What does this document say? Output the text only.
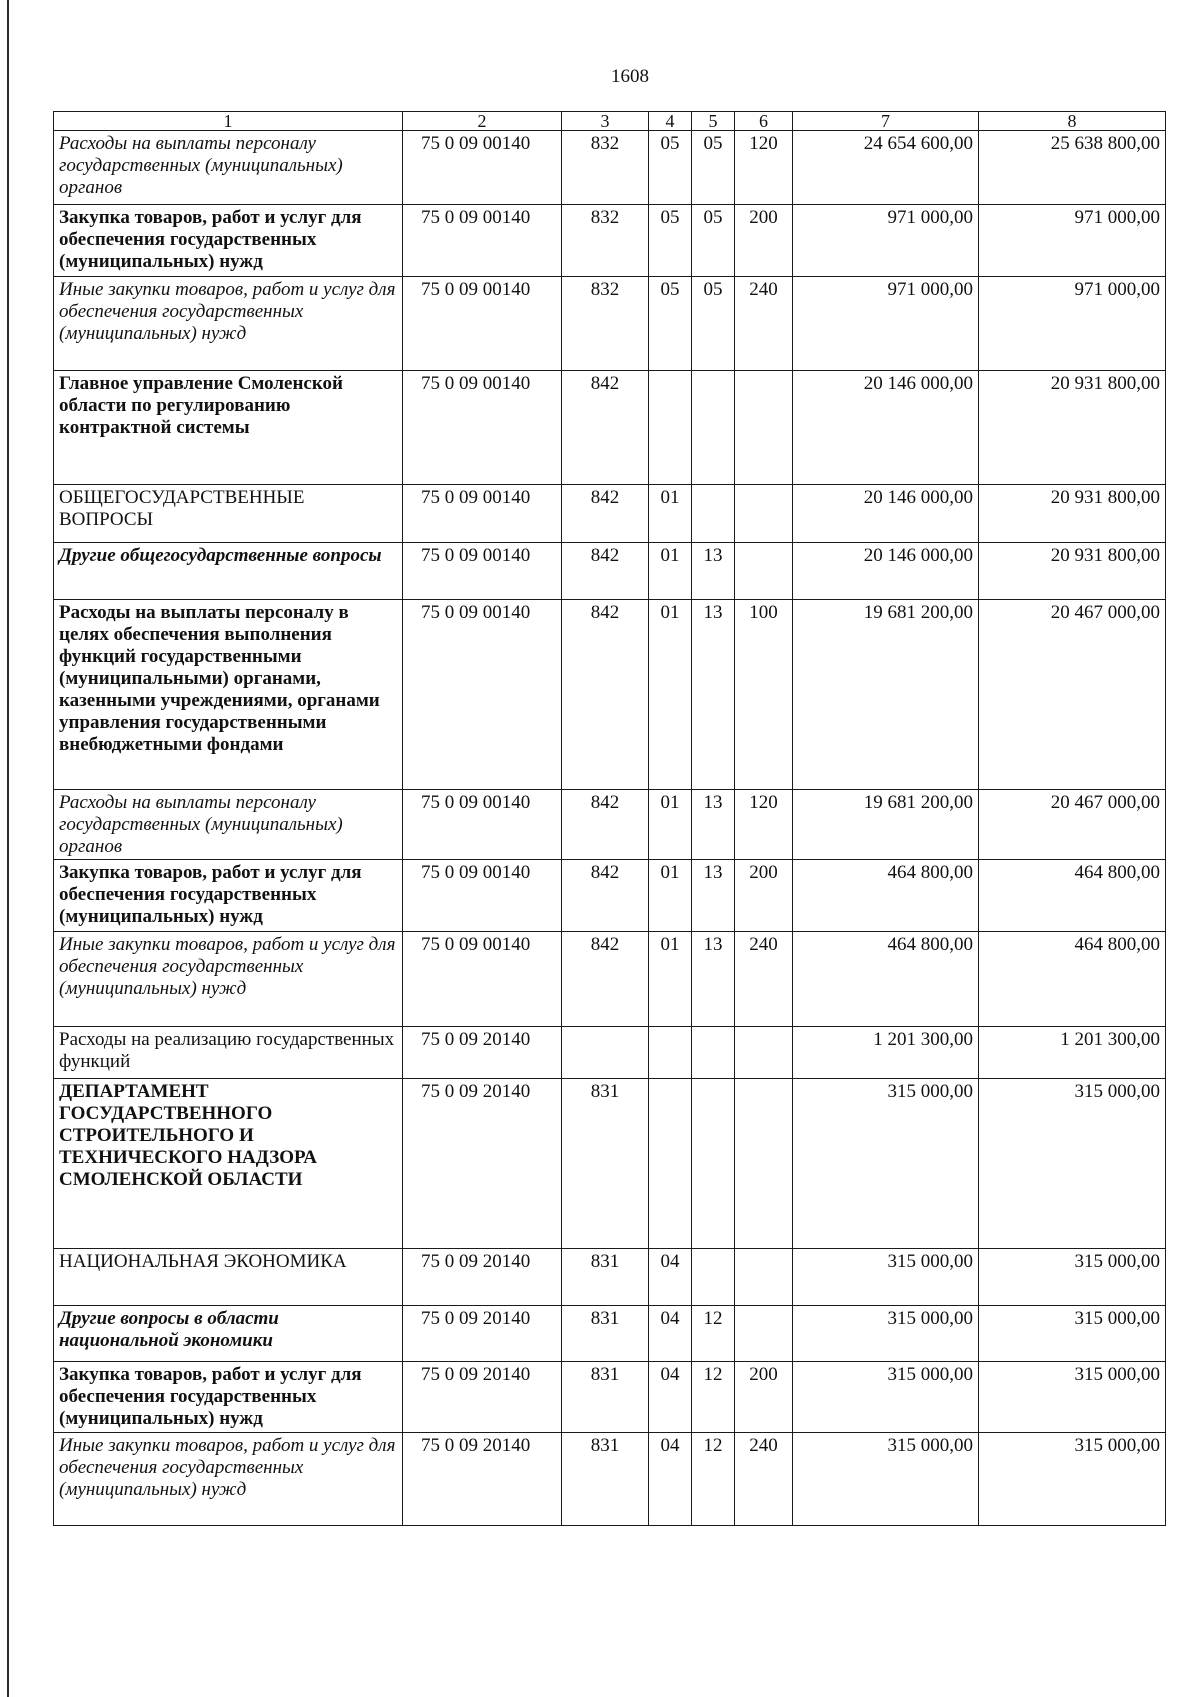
1608
1	2	3	4	5	6	7	8
Расходы на выплаты персоналу государственных (муниципальных) органов	75 0 09 00140	832	05	05	120	24 654 600,00	25 638 800,00
Закупка товаров, работ и услуг для обеспечения государственных (муниципальных) нужд	75 0 09 00140	832	05	05	200	971 000,00	971 000,00
Иные закупки товаров, работ и услуг для обеспечения государственных (муниципальных) нужд	75 0 09 00140	832	05	05	240	971 000,00	971 000,00
Главное управление Смоленской области по регулированию контрактной системы	75 0 09 00140	842				20 146 000,00	20 931 800,00
ОБЩЕГОСУДАРСТВЕННЫЕ ВОПРОСЫ	75 0 09 00140	842	01			20 146 000,00	20 931 800,00
Другие общегосударственные вопросы	75 0 09 00140	842	01	13		20 146 000,00	20 931 800,00
Расходы на выплаты персоналу в целях обеспечения выполнения функций государственными (муниципальными) органами, казенными учреждениями, органами управления государственными внебюджетными фондами	75 0 09 00140	842	01	13	100	19 681 200,00	20 467 000,00
Расходы на выплаты персоналу государственных (муниципальных) органов	75 0 09 00140	842	01	13	120	19 681 200,00	20 467 000,00
Закупка товаров, работ и услуг для обеспечения государственных (муниципальных) нужд	75 0 09 00140	842	01	13	200	464 800,00	464 800,00
Иные закупки товаров, работ и услуг для обеспечения государственных (муниципальных) нужд	75 0 09 00140	842	01	13	240	464 800,00	464 800,00
Расходы на реализацию государственных функций	75 0 09 20140					1 201 300,00	1 201 300,00
ДЕПАРТАМЕНТ ГОСУДАРСТВЕННОГО СТРОИТЕЛЬНОГО И ТЕХНИЧЕСКОГО НАДЗОРА СМОЛЕНСКОЙ ОБЛАСТИ	75 0 09 20140	831				315 000,00	315 000,00
НАЦИОНАЛЬНАЯ ЭКОНОМИКА	75 0 09 20140	831	04			315 000,00	315 000,00
Другие вопросы в области национальной экономики	75 0 09 20140	831	04	12		315 000,00	315 000,00
Закупка товаров, работ и услуг для обеспечения государственных (муниципальных) нужд	75 0 09 20140	831	04	12	200	315 000,00	315 000,00
Иные закупки товаров, работ и услуг для обеспечения государственных (муниципальных) нужд	75 0 09 20140	831	04	12	240	315 000,00	315 000,00
